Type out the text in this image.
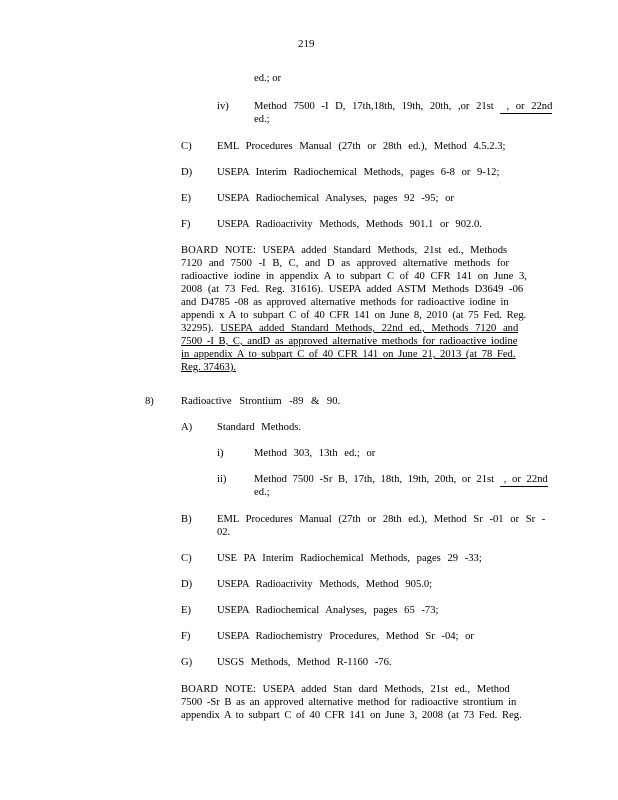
219
ed.; or
iv) Method 7500 -I D, 17th,18th, 19th, 20th, ,or 21st , or 22nd
ed.;
C) EML Procedures Manual (27th or 28th ed.), Method 4.5.2.3;
D) USEPA Interim Radiochemical Methods, pages 6-8 or 9-12;
E) USEPA Radiochemical Analyses, pages 92 -95; or
F)	USEPA Radioactivity Methods, Methods 901.1 or 902.0.
BOARD NOTE: USEPA added Standard Methods, 21st ed., Methods
7120 and 7500 -I B, C, and D as approved alternative methods for
radioactive iodine in appendix A to subpart C of 40 CFR 141 on June 3,
2008 (at 73 Fed. Reg. 31616). USEPA added ASTM Methods D3649 -06
and D4785 -08 as approved alternative methods for radioactive iodine in
appendi x A to subpart C of 40 CFR 141 on June 8, 2010 (at 75 Fed. Reg.
32295). USEPA added Standard Methods, 22nd ed., Methods 7120 and
7500 -I B, C, andD as approved alternative methods for radioactive iodine
in appendix A to subpart C of 40 CFR 141 on June 21, 2013 (at 78 Fed.
Reg. 37463).
8)	Radioactive Strontium -89 & 90.
A) Standard Methods.
i)	Method 303, 13th ed.; or
ii)	Method 7500 -Sr B, 17th, 18th, 19th, 20th, or 21st , or 22nd
ed.;
B) EML Procedures Manual (27th or 28th ed.), Method Sr -01 or Sr -
02.
C) USE PA Interim Radiochemical Methods, pages 29 -33;
D) USEPA Radioactivity Methods, Method 905.0;
E) USEPA Radiochemical Analyses, pages 65 -73;
F)	USEPA Radiochemistry Procedures, Method Sr -04; or
G) USGS Methods, Method R-1160 -76.
BOARD NOTE: USEPA added Stan dard Methods, 21st ed., Method
7500 -Sr B as an approved alternative method for radioactive strontium in
appendix A to subpart C of 40 CFR 141 on June 3, 2008 (at 73 Fed. Reg.
